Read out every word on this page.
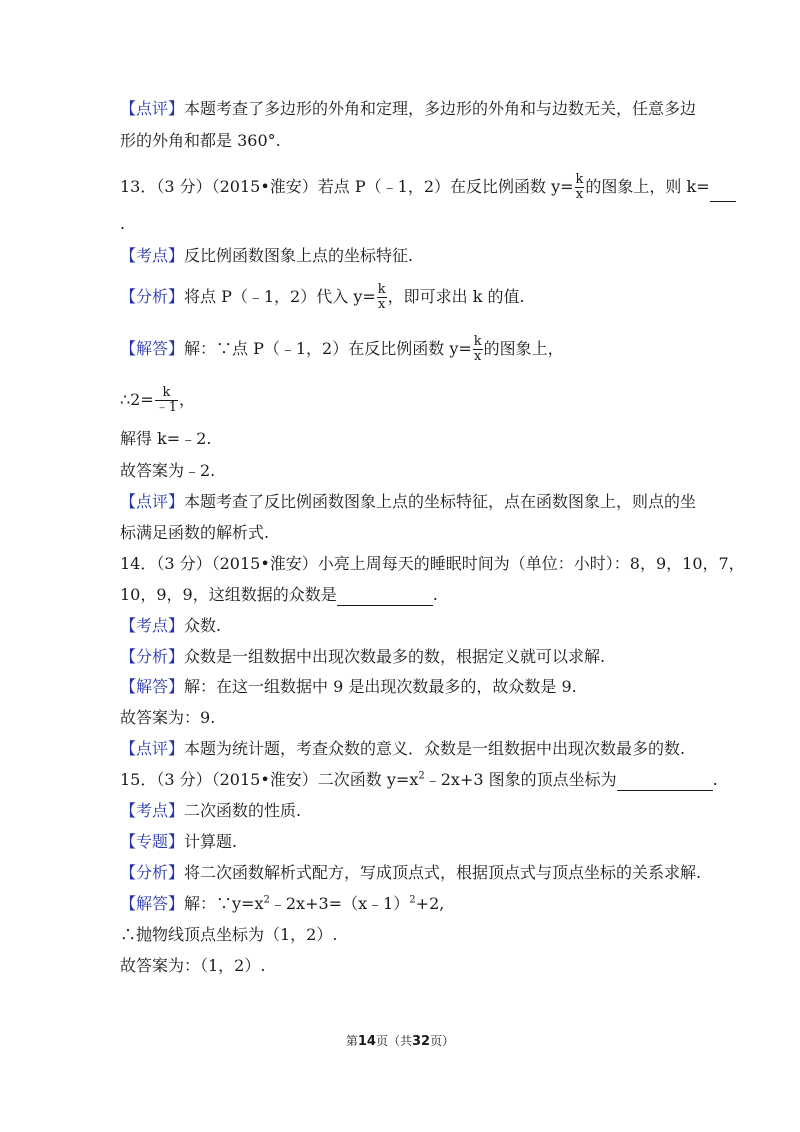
【点评】本题考查了多边形的外角和定理，多边形的外角和与边数无关，任意多边
形的外角和都是 360°.
13．（3 分）（2015•淮安）若点 P（﹣1，2）在反比例函数 $y= \frac{k}{x}$ 的图象上，则 k=
.
【考点】反比例函数图象上点的坐标特征.
【分析】将点 P（﹣1，2）代入 $y= \frac{k}{x}$ ，即可求出 k 的值.
【解答】解：∵点 P（﹣1，2）在反比例函数 $y= \frac{k}{x}$ 的图象上，
∴2= $\frac{k}{﹣1}$ ，
解得 k=﹣2.
故答案为﹣2.
【点评】本题考查了反比例函数图象上点的坐标特征，点在函数图象上，则点的坐
标满足函数的解析式.
14．（3 分）（2015•淮安）小亮上周每天的睡眠时间为（单位：小时）：8，9，10，7，
10，9，9，这组数据的众数是	.
【考点】众数.
【分析】众数是一组数据中出现次数最多的数，根据定义就可以求解.
【解答】解：在这一组数据中 9 是出现次数最多的，故众数是 9.
故答案为：9.
【点评】本题为统计题，考查众数的意义．众数是一组数据中出现次数最多的数.
15．（3 分）（2015•淮安）二次函数 $y=x^2﹣2x+3$ 图象的顶点坐标为	.
【考点】二次函数的性质.
【专题】计算题.
【分析】将二次函数解析式配方，写成顶点式，根据顶点式与顶点坐标的关系求解.
【解答】解：$\because y=x^2﹣2x+3=(x﹣1)^2+2$,
∴抛物线顶点坐标为（1，2）.
故答案为：（1，2）.
第14页（共32页）
